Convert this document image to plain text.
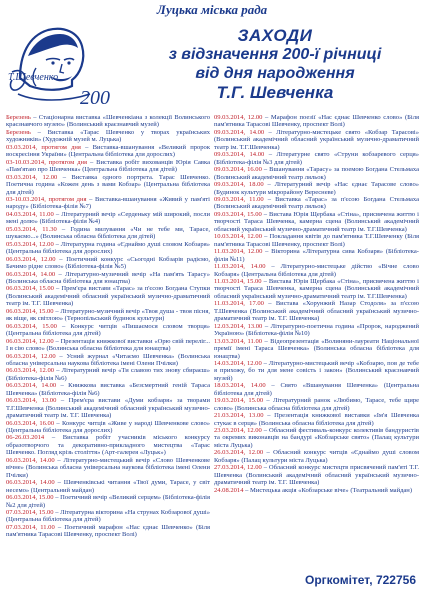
Луцька міська рада
Т.Шевченко
200
ЗАХОДИ
з відзначення 200-ї річниці
від дня народження
Т.Г. Шевченка

Березень – Стаціонарна виставка «Шевченкіана з колекції Волинського краєзнавчого музею» (Волинський краєзнавчий музей)

Березень – Виставка «Тарас Шевченко у творах українських художників» (Художній музей м. Луцька)

03.03.2014, протягом дня – Виставка-вшанування «Великий пророк воскресіння України» (Центральна бібліотека для дорослих)

03-10.03.2014, протягом дня – Виставка робіт вихованців Юрія Савка «Пам'ятаю про Шевченка» (Центральна бібліотека для дітей)

03.03.2014, 12.00 – Виставка одного портрета. Тарас Шевченко. Поетична година «Кожен день з вами Кобзар» (Центральна бібліотека для дітей)

03-10.03.2014, протягом дня – Виставка-вшанування «Живий у пам'яті народу» (Бібліотека-філія №7)

04.03.2014, 11.00 – Літературний вечір «Серденьку мій широкий, посли мені долю» (Бібліотека-філія №4)

05.03.2014, 11.30 – Година милування «Чи не тебе ми, Тарасе, шукаємо...» (Волинська обласна бібліотека для дітей)

05.03.2014, 12.00 – Літературна година «Єднаймо душі словом Кобзаря» (Центральна бібліотека для дорослих)

06.03.2014, 12.00 – Поетичний конкурс «Сьогодні Кобзарів радіємо, Бачимо рідне слово» (Бібліотека-філія №5)

06.03.2014, 14.00 – Літературно-музичний вечір «На пам'ять Тарасу» (Волинська обласна бібліотека для юнацтва)

06.03.2014, 15.00 – Прем'єра вистави «Тарас» за п'єсою Богдана Ступки (Волинський академічний обласний український музично-драматичний театр ім. Т.Г. Шевченка)

06.03.2014, 15.00 – Літературно-музичний вечір «Твоя душа - твоя пісня, як віще, як світлою» (Тернопільський будинок культури)

06.03.2014, 15.00 – Конкурс читців «Пишаємося словом творця» (Центральна бібліотека для дітей)

06.03.2014, 12.00 – Презентація книжкової виставки «Орю свій переліг... І в сію слово» (Волинська обласна бібліотека для юнацтва)

06.03.2014, 12.00 – Усний журнал «Читаємо Шевченка» (Волинська обласна універсальна наукова бібліотека імені Олени Пчілки)

06.03.2014, 12.00 – Літературний вечір «Ти славою тих знову сбираєш» (Бібліотека-філія №6)

06.03.2014, 14.00 – Книжкова виставка «Безсмертний геній Тараса Шевченка» (Бібліотека-філія №6)

06.03.2014, 13.00 – Прем'єра вистави «Думи кобзаря» за творами Т.Г.Шевченка (Волинський академічний обласний український музично-драматичний театр ім. Т.Г. Шевченка)

06.03.2014, 16.00 – Конкурс читців «Живе у народі Шевченкове слово» (Центральна бібліотека для дорослих)

06-26.03.2014 – Виставка робіт учасників міського конкурсу образотворчого та декоративно-прикладного мистецтва «Тарас Шевченко. Погляд крізь століття» (Арт-галерея «Луцьк»)

06.03.2014, 14.00 – Літературно-мистецький вечір «Слово Шевченкове вічне» (Волинська обласна універсальна наукова бібліотека імені Олени Пчілки)

06.03.2014, 14.00 – Шевченківські читання «Твої думи, Тарасе, у світ несемо» (Центральний майдан)

06.03.2014, 15.00 – Поетичний вечір «Великий серцем» (Бібліотека-філія №2 для дітей)

07.03.2014, 15.00 – Літературна вікторина «На струнах Кобзарової душі» (Центральна бібліотека для дітей)

07.03.2014, 11.00 – Поетичний марафон «Нас єднає Шевченко» (Біля пам'ятника Тарасові Шевченку, проспект Волі)

09.03.2014, 12.00 – Марафон поезії «Нас єднає Шевченко слово» (Біля пам'ятника Тарасові Шевченку, проспект Волі)

09.03.2014, 14.00 – Літературно-мистецьке свято «Кобзар Тарасові» (Волинський академічний обласний український музично-драматичний театр ім. Т.Г.Шевченка)

09.03.2014, 14.00 – Літературне свято «Струни кобзаревого серця» (Бібліотека-філія №3 для дітей)

09.03.2014, 16.00 – Вшанування «Тарасу» за поемою Богдана Стельмаха (Волинський академічний театр ляльок)

09.03.2014, 18.00 – Літературний вечір «Нас єднає Тарасове слово» (Будинок культури мікрорайону Вересневе)

09.03.2014, 11.00 – Виставка «Тарас» за п'єсою Богдана Стельмаха (Волинський академічний театр ляльок)

09.03.2014, 15.00 – Вистава Юрія Щербака «Стіна», присвячена життю і творчості Тараса Шевченка, камерна сцена (Волинський академічний обласний український музично-драматичний театр ім. Т.Г.Шевченка)

10.03.2014, 12.00 – Покладання квітів до пам'ятника Т.Г.Шевченку (Біля пам'ятника Тарасові Шевченку, проспект Волі)

11.03.2014, 12.00 – Вікторина «Літературна сива Кобзаря» (Бібліотека-філія №11)

11.03.2014, 14.00 – Літературно-мистецьке дійство «Вічне слово Кобзаря» (Центральна бібліотека для дітей)

11.03.2014, 15.00 – Вистава Юрія Щербака «Стіна», присвячена життю і творчості Тараса Шевченка, камерна сцена (Волинський академічний обласний український музично-драматичний театр ім. Т.Г.Шевченка)

11.03.2014, 17.00 – Вистава «Хорунжий Назар Стодоля» за п'єсою Т.Шевченка (Волинський академічний обласний український музично-драматичний театр ім. Т.Г. Шевченка)

12.03.2014, 13.00 – Літературно-поетична година «Пророк, народжений Україною» (Бібліотека-філія №10)

13.03.2014, 11.00 – Відеопрезентація «Волиняни-лауреати Національної премії імені Тараса Шевченка» (Волинська обласна бібліотека для юнацтва)

14.03.2014, 12.00 – Літературно-мистецький вечір «Кобзарю, пов де тебе я прихожу, бо ти для мене совість і закон» (Волинський краєзнавчий музей)

18.03.2014, 14.00 – Свято «Вшанування Шевченка» (Центральна бібліотека для дітей)

19.03.2014, 15.00 – Літературний ранок «Любимо, Тарасе, тебе щире слово» (Волинська обласна бібліотека для дітей)

21.03.2014, 13.00 – Презентація книжкової виставки «Ім'я Шевченка стукає в серця» (Волинська обласна бібліотека для дітей)

23.03.2014, 12.00 – Обласний фестиваль-конкурс колективів бандуристів та окремих виконавців на бандурі «Кобзарське свято» (Палац культури міста Луцька)

26.03.2014, 12.00 – Обласний конкурс читців «Єднаймо душі словом Кобзаря» (Палац культури міста Луцька)

27.03.2014, 12.00 – Обласний конкурс мистецтв присвячений пам'яті Т.Г. Шевченка (Волинський академічний обласний український музично-драматичний театр ім. Т.Г. Шевченка)

24.08.2014 – Мистецька акція «Кобзарське віче» (Театральний майдан)

Оргкомітет, 722756
